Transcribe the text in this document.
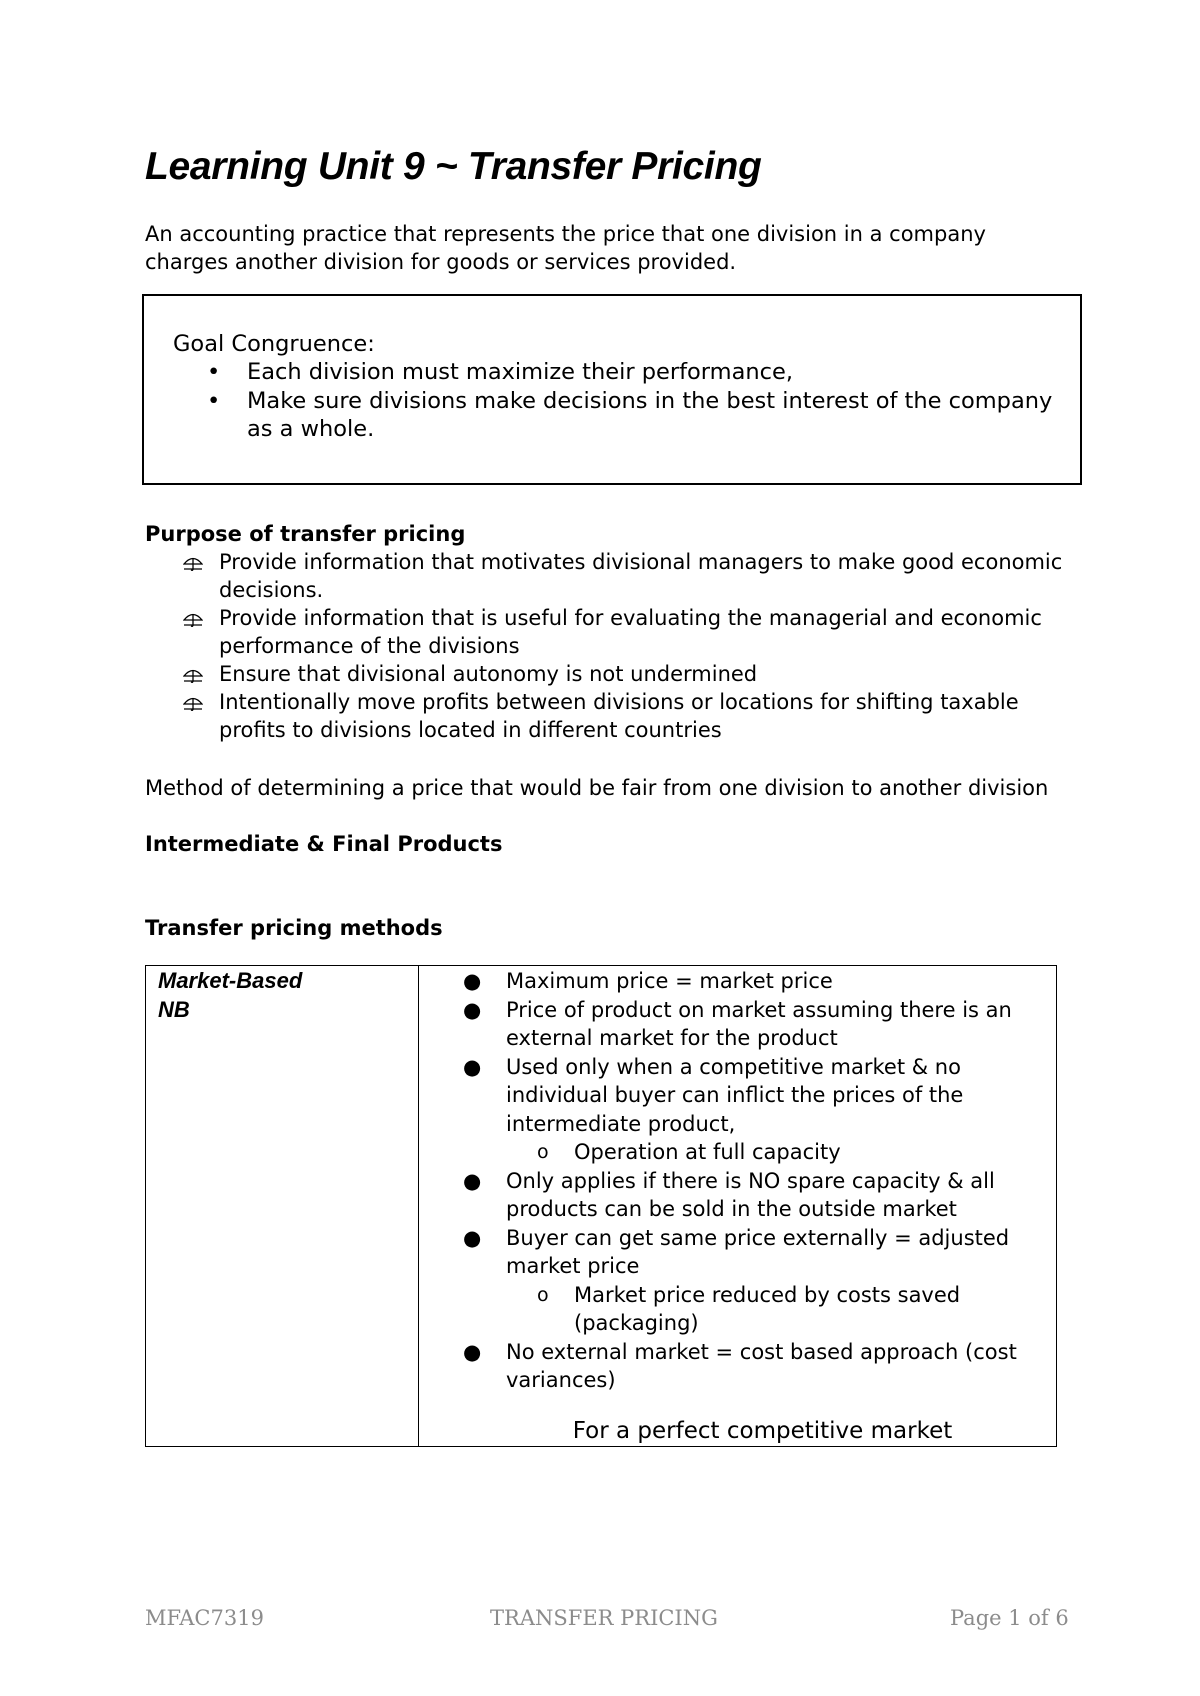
Learning Unit 9 ~ Transfer Pricing

An accounting practice that represents the price that one division in a company
charges another division for goods or services provided.

Goal Congruence:

• Each division must maximize their performance,
• Make sure divisions make decisions in the best interest of the company as a whole.

Purpose of transfer pricing

Provide information that motivates divisional managers to make good economic decisions.
Provide information that is useful for evaluating the managerial and economic performance of the divisions
Ensure that divisional autonomy is not undermined
Intentionally move profits between divisions or locations for shifting taxable profits to divisions located in different countries

Method of determining a price that would be fair from one division to another division

Intermediate & Final Products

Transfer pricing methods

Market-Based
NB

● Maximum price = market price
● Price of product on market assuming there is an external market for the product
● Used only when a competitive market & no individual buyer can inflict the prices of the intermediate product,
o Operation at full capacity
● Only applies if there is NO spare capacity & all products can be sold in the outside market
● Buyer can get same price externally = adjusted market price
o Market price reduced by costs saved (packaging)
● No external market = cost based approach (cost variances)
For a perfect competitive market

MFAC7319	TRANSFER PRICING	Page 1 of 6
